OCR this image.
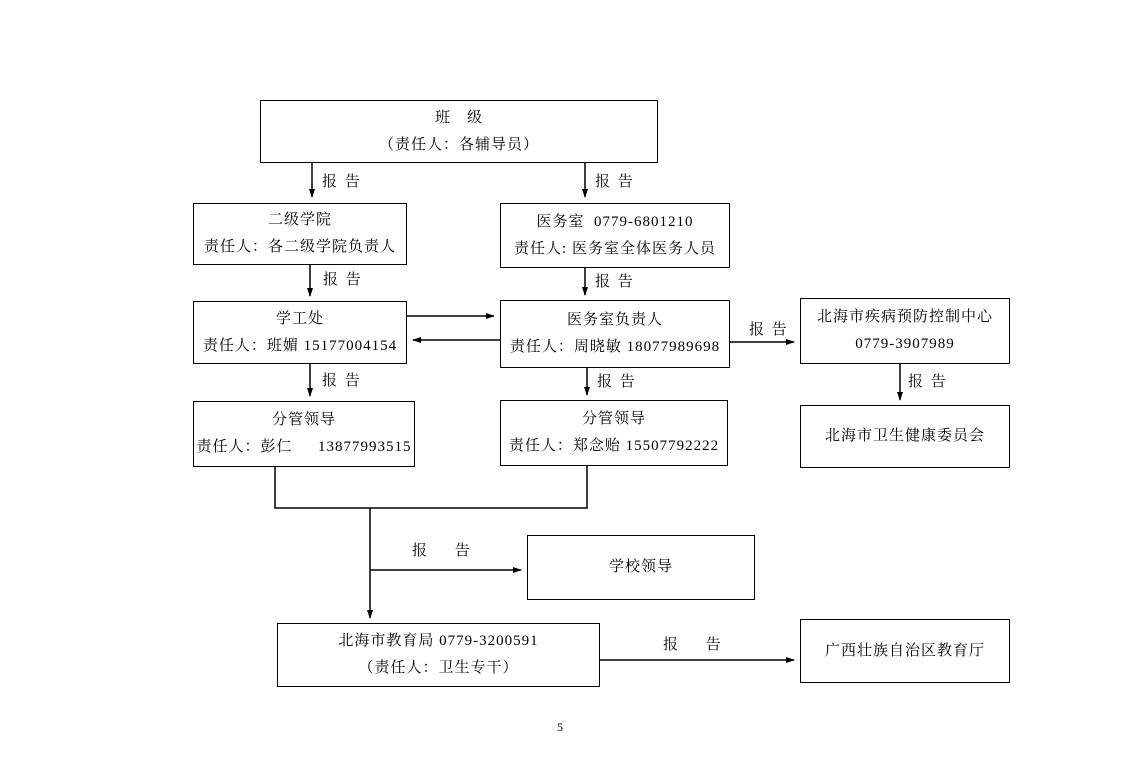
班　级
（责任人：各辅导员）
二级学院
责任人：各二级学院负责人
医务室  0779-6801210
责任人: 医务室全体医务人员
学工处
责任人：班媚 15177004154
医务室负责人
责任人：周晓敏 18077989698
北海市疾病预防控制中心
0779-3907989
分管领导
责任人：彭仁　  13877993515
分管领导
责任人：郑念贻 15507792222
北海市卫生健康委员会
学校领导
北海市教育局 0779-3200591
（责任人：卫生专干）
广西壮族自治区教育厅
报 告	报 告
报 告	报 告
报 告	报 告
报 告
报 告
报 告
报 告
5
